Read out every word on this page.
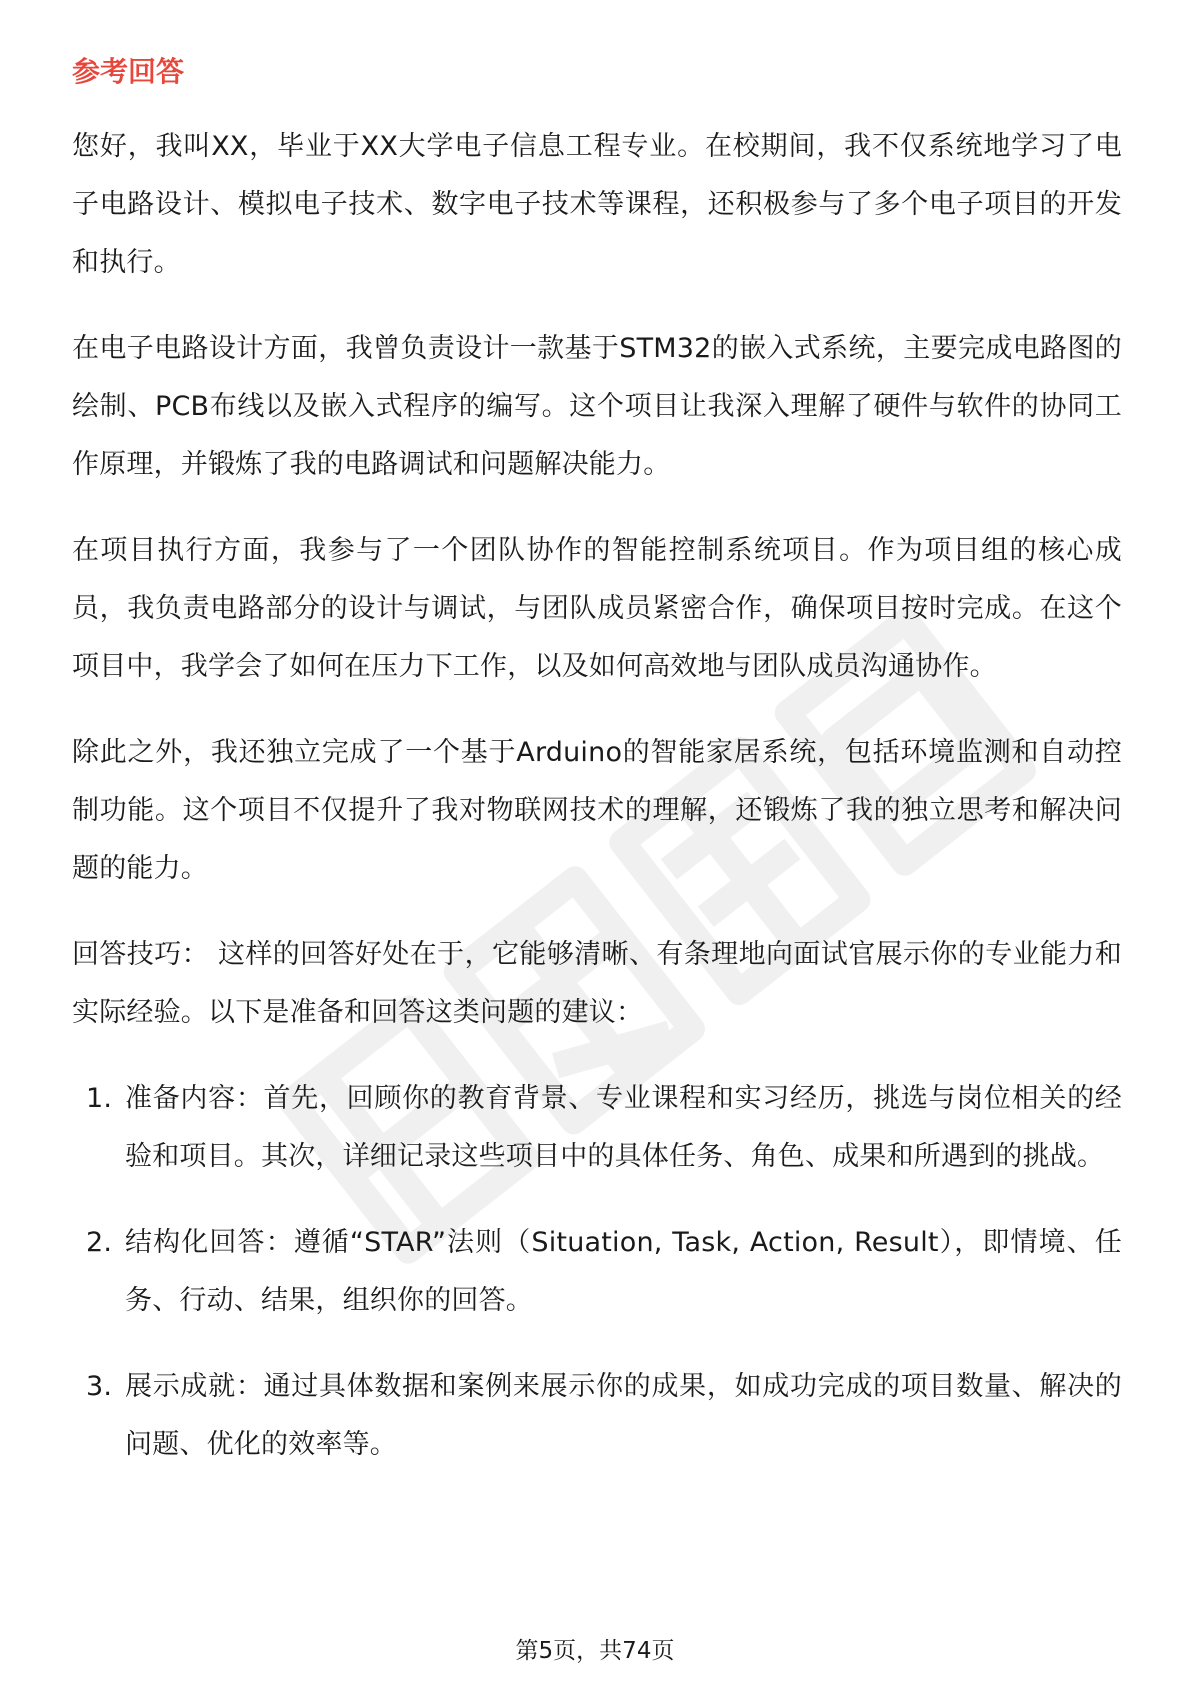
参考回答

您好，我叫XX，毕业于XX大学电子信息工程专业。在校期间，我不仅系统地学习了电子电路设计、模拟电子技术、数字电子技术等课程，还积极参与了多个电子项目的开发和执行。

在电子电路设计方面，我曾负责设计一款基于STM32的嵌入式系统，主要完成电路图的绘制、PCB布线以及嵌入式程序的编写。这个项目让我深入理解了硬件与软件的协同工作原理，并锻炼了我的电路调试和问题解决能力。

在项目执行方面，我参与了一个团队协作的智能控制系统项目。作为项目组的核心成员，我负责电路部分的设计与调试，与团队成员紧密合作，确保项目按时完成。在这个项目中，我学会了如何在压力下工作，以及如何高效地与团队成员沟通协作。

除此之外，我还独立完成了一个基于Arduino的智能家居系统，包括环境监测和自动控制功能。这个项目不仅提升了我对物联网技术的理解，还锻炼了我的独立思考和解决问题的能力。

回答技巧： 这样的回答好处在于，它能够清晰、有条理地向面试官展示你的专业能力和实际经验。以下是准备和回答这类问题的建议：

1. 准备内容：首先，回顾你的教育背景、专业课程和实习经历，挑选与岗位相关的经验和项目。其次，详细记录这些项目中的具体任务、角色、成果和所遇到的挑战。
2. 结构化回答：遵循“STAR”法则（Situation, Task, Action, Result），即情境、任务、行动、结果，组织你的回答。
3. 展示成就：通过具体数据和案例来展示你的成果，如成功完成的项目数量、解决的问题、优化的效率等。
第5页，共74页
